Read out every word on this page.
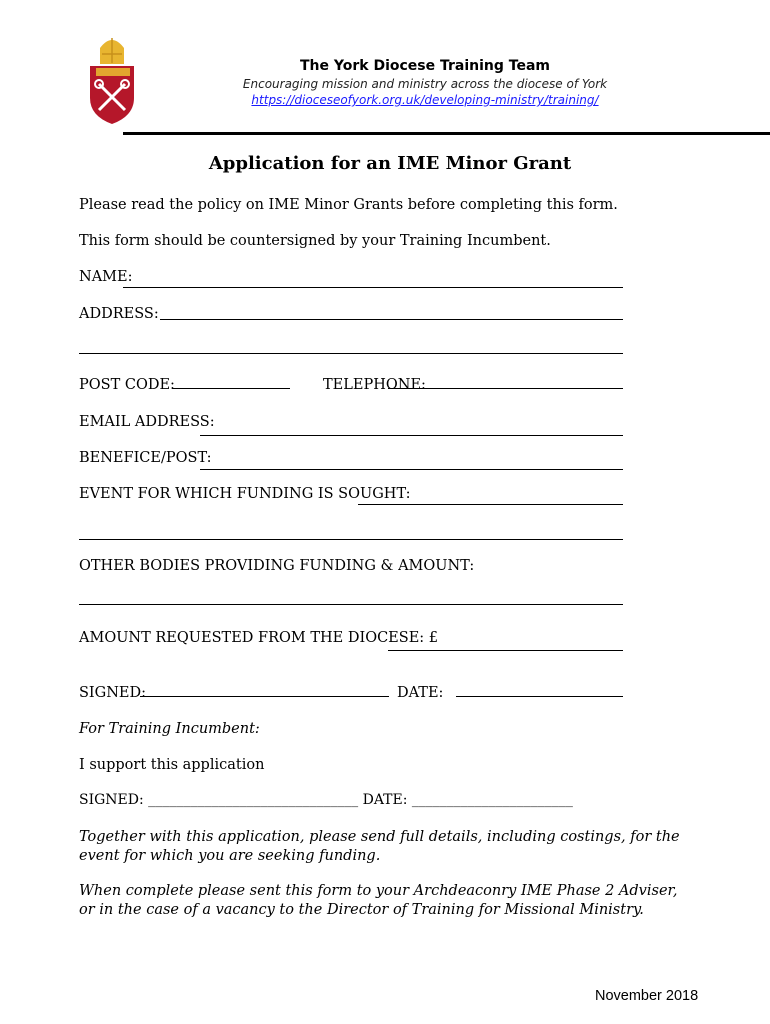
The York Diocese Training Team
Encouraging mission and ministry across the diocese of York
https://dioceseofyork.org.uk/developing-ministry/training/
Application for an IME Minor Grant
Please read the policy on IME Minor Grants before completing this form.
This form should be countersigned by your Training Incumbent.
NAME:
ADDRESS:
POST CODE:	TELEPHONE:
EMAIL ADDRESS:
BENEFICE/POST:
EVENT FOR WHICH FUNDING IS SOUGHT:
OTHER BODIES PROVIDING FUNDING & AMOUNT:
AMOUNT REQUESTED FROM THE DIOCESE: £
SIGNED:	DATE:
For Training Incumbent:
I support this application
SIGNED: ______________________________ DATE: _______________________
Together with this application, please send full details, including costings, for the event for which you are seeking funding.
When complete please sent this form to your Archdeaconry IME Phase 2 Adviser, or in the case of a vacancy to the Director of Training for Missional Ministry.
November 2018
